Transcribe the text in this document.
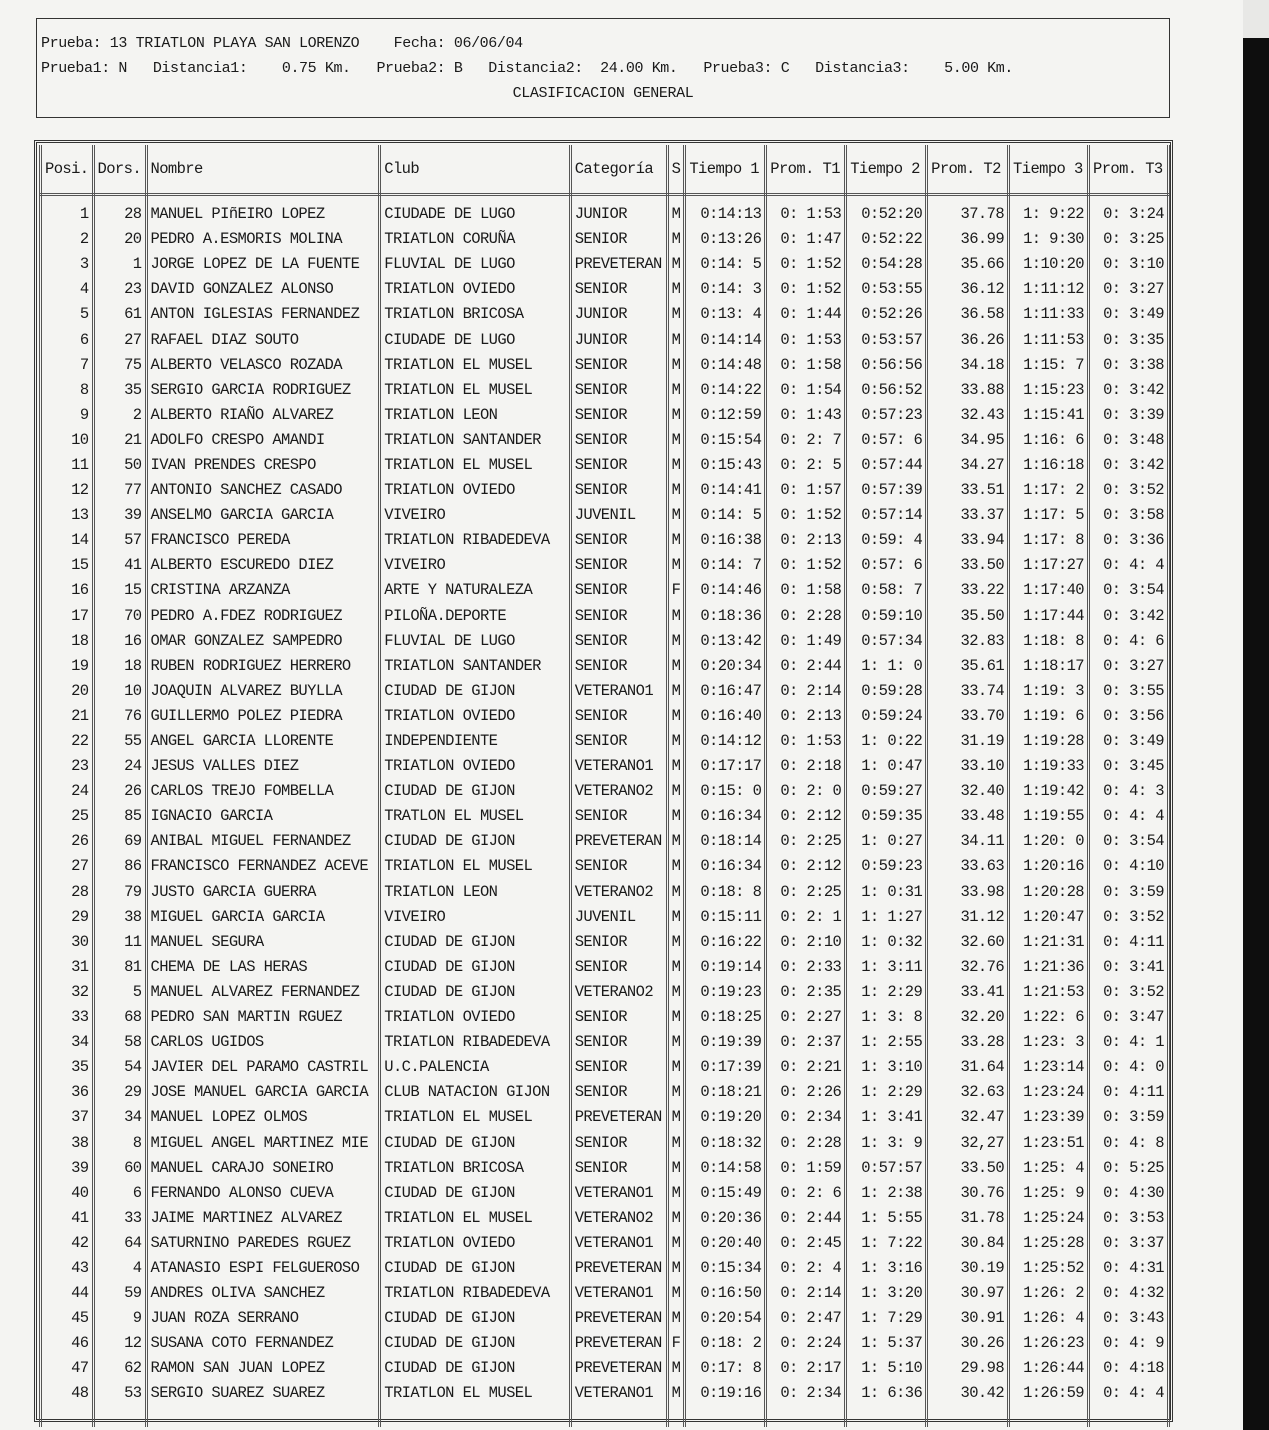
Prueba: 13 TRIATLON PLAYA SAN LORENZO    Fecha: 06/06/04
Prueba1: N   Distancia1:    0.75 Km.   Prueba2: B   Distancia2:  24.00 Km.   Prueba3: C   Distancia3:    5.00 Km.
CLASIFICACION GENERAL
Posi.	Dors.	Nombre	Club	Categoría	S	Tiempo 1	Prom. T1	Tiempo 2	Prom. T2	Tiempo 3	Prom. T3

1	28	MANUEL PIñEIRO LOPEZ	CIUDADE DE LUGO	JUNIOR	M	0:14:13	0: 1:53	0:52:20	37.78	1: 9:22	0: 3:24
2	20	PEDRO A.ESMORIS MOLINA	TRIATLON CORUÑA	SENIOR	M	0:13:26	0: 1:47	0:52:22	36.99	1: 9:30	0: 3:25
3	1	JORGE LOPEZ DE LA FUENTE	FLUVIAL DE LUGO	PREVETERAN	M	0:14: 5	0: 1:52	0:54:28	35.66	1:10:20	0: 3:10
4	23	DAVID GONZALEZ ALONSO	TRIATLON OVIEDO	SENIOR	M	0:14: 3	0: 1:52	0:53:55	36.12	1:11:12	0: 3:27
5	61	ANTON IGLESIAS FERNANDEZ	TRIATLON BRICOSA	JUNIOR	M	0:13: 4	0: 1:44	0:52:26	36.58	1:11:33	0: 3:49
6	27	RAFAEL DIAZ SOUTO	CIUDADE DE LUGO	JUNIOR	M	0:14:14	0: 1:53	0:53:57	36.26	1:11:53	0: 3:35
7	75	ALBERTO VELASCO ROZADA	TRIATLON EL MUSEL	SENIOR	M	0:14:48	0: 1:58	0:56:56	34.18	1:15: 7	0: 3:38
8	35	SERGIO GARCIA RODRIGUEZ	TRIATLON EL MUSEL	SENIOR	M	0:14:22	0: 1:54	0:56:52	33.88	1:15:23	0: 3:42
9	2	ALBERTO RIAÑO ALVAREZ	TRIATLON LEON	SENIOR	M	0:12:59	0: 1:43	0:57:23	32.43	1:15:41	0: 3:39
10	21	ADOLFO CRESPO AMANDI	TRIATLON SANTANDER	SENIOR	M	0:15:54	0: 2: 7	0:57: 6	34.95	1:16: 6	0: 3:48
11	50	IVAN PRENDES CRESPO	TRIATLON EL MUSEL	SENIOR	M	0:15:43	0: 2: 5	0:57:44	34.27	1:16:18	0: 3:42
12	77	ANTONIO SANCHEZ CASADO	TRIATLON OVIEDO	SENIOR	M	0:14:41	0: 1:57	0:57:39	33.51	1:17: 2	0: 3:52
13	39	ANSELMO GARCIA GARCIA	VIVEIRO	JUVENIL	M	0:14: 5	0: 1:52	0:57:14	33.37	1:17: 5	0: 3:58
14	57	FRANCISCO PEREDA	TRIATLON RIBADEDEVA	SENIOR	M	0:16:38	0: 2:13	0:59: 4	33.94	1:17: 8	0: 3:36
15	41	ALBERTO ESCUREDO DIEZ	VIVEIRO	SENIOR	M	0:14: 7	0: 1:52	0:57: 6	33.50	1:17:27	0: 4: 4
16	15	CRISTINA ARZANZA	ARTE Y NATURALEZA	SENIOR	F	0:14:46	0: 1:58	0:58: 7	33.22	1:17:40	0: 3:54
17	70	PEDRO A.FDEZ RODRIGUEZ	PILOÑA.DEPORTE	SENIOR	M	0:18:36	0: 2:28	0:59:10	35.50	1:17:44	0: 3:42
18	16	OMAR GONZALEZ SAMPEDRO	FLUVIAL DE LUGO	SENIOR	M	0:13:42	0: 1:49	0:57:34	32.83	1:18: 8	0: 4: 6
19	18	RUBEN RODRIGUEZ HERRERO	TRIATLON SANTANDER	SENIOR	M	0:20:34	0: 2:44	1: 1: 0	35.61	1:18:17	0: 3:27
20	10	JOAQUIN ALVAREZ BUYLLA	CIUDAD DE GIJON	VETERANO1	M	0:16:47	0: 2:14	0:59:28	33.74	1:19: 3	0: 3:55
21	76	GUILLERMO POLEZ PIEDRA	TRIATLON OVIEDO	SENIOR	M	0:16:40	0: 2:13	0:59:24	33.70	1:19: 6	0: 3:56
22	55	ANGEL GARCIA LLORENTE	INDEPENDIENTE	SENIOR	M	0:14:12	0: 1:53	1: 0:22	31.19	1:19:28	0: 3:49
23	24	JESUS VALLES DIEZ	TRIATLON OVIEDO	VETERANO1	M	0:17:17	0: 2:18	1: 0:47	33.10	1:19:33	0: 3:45
24	26	CARLOS TREJO FOMBELLA	CIUDAD DE GIJON	VETERANO2	M	0:15: 0	0: 2: 0	0:59:27	32.40	1:19:42	0: 4: 3
25	85	IGNACIO GARCIA	TRATLON EL MUSEL	SENIOR	M	0:16:34	0: 2:12	0:59:35	33.48	1:19:55	0: 4: 4
26	69	ANIBAL MIGUEL FERNANDEZ	CIUDAD DE GIJON	PREVETERAN	M	0:18:14	0: 2:25	1: 0:27	34.11	1:20: 0	0: 3:54
27	86	FRANCISCO FERNANDEZ ACEVE	TRIATLON EL MUSEL	SENIOR	M	0:16:34	0: 2:12	0:59:23	33.63	1:20:16	0: 4:10
28	79	JUSTO GARCIA GUERRA	TRIATLON LEON	VETERANO2	M	0:18: 8	0: 2:25	1: 0:31	33.98	1:20:28	0: 3:59
29	38	MIGUEL GARCIA GARCIA	VIVEIRO	JUVENIL	M	0:15:11	0: 2: 1	1: 1:27	31.12	1:20:47	0: 3:52
30	11	MANUEL SEGURA	CIUDAD DE GIJON	SENIOR	M	0:16:22	0: 2:10	1: 0:32	32.60	1:21:31	0: 4:11
31	81	CHEMA DE LAS HERAS	CIUDAD DE GIJON	SENIOR	M	0:19:14	0: 2:33	1: 3:11	32.76	1:21:36	0: 3:41
32	5	MANUEL ALVAREZ FERNANDEZ	CIUDAD DE GIJON	VETERANO2	M	0:19:23	0: 2:35	1: 2:29	33.41	1:21:53	0: 3:52
33	68	PEDRO SAN MARTIN RGUEZ	TRIATLON OVIEDO	SENIOR	M	0:18:25	0: 2:27	1: 3: 8	32.20	1:22: 6	0: 3:47
34	58	CARLOS UGIDOS	TRIATLON RIBADEDEVA	SENIOR	M	0:19:39	0: 2:37	1: 2:55	33.28	1:23: 3	0: 4: 1
35	54	JAVIER DEL PARAMO CASTRIL	U.C.PALENCIA	SENIOR	M	0:17:39	0: 2:21	1: 3:10	31.64	1:23:14	0: 4: 0
36	29	JOSE MANUEL GARCIA GARCIA	CLUB NATACION GIJON	SENIOR	M	0:18:21	0: 2:26	1: 2:29	32.63	1:23:24	0: 4:11
37	34	MANUEL LOPEZ OLMOS	TRIATLON EL MUSEL	PREVETERAN	M	0:19:20	0: 2:34	1: 3:41	32.47	1:23:39	0: 3:59
38	8	MIGUEL ANGEL MARTINEZ MIE	CIUDAD DE GIJON	SENIOR	M	0:18:32	0: 2:28	1: 3: 9	32,27	1:23:51	0: 4: 8
39	60	MANUEL CARAJO SONEIRO	TRIATLON BRICOSA	SENIOR	M	0:14:58	0: 1:59	0:57:57	33.50	1:25: 4	0: 5:25
40	6	FERNANDO ALONSO CUEVA	CIUDAD DE GIJON	VETERANO1	M	0:15:49	0: 2: 6	1: 2:38	30.76	1:25: 9	0: 4:30
41	33	JAIME MARTINEZ ALVAREZ	TRIATLON EL MUSEL	VETERANO2	M	0:20:36	0: 2:44	1: 5:55	31.78	1:25:24	0: 3:53
42	64	SATURNINO PAREDES RGUEZ	TRIATLON OVIEDO	VETERANO1	M	0:20:40	0: 2:45	1: 7:22	30.84	1:25:28	0: 3:37
43	4	ATANASIO ESPI FELGUEROSO	CIUDAD DE GIJON	PREVETERAN	M	0:15:34	0: 2: 4	1: 3:16	30.19	1:25:52	0: 4:31
44	59	ANDRES OLIVA SANCHEZ	TRIATLON RIBADEDEVA	VETERANO1	M	0:16:50	0: 2:14	1: 3:20	30.97	1:26: 2	0: 4:32
45	9	JUAN ROZA SERRANO	CIUDAD DE GIJON	PREVETERAN	M	0:20:54	0: 2:47	1: 7:29	30.91	1:26: 4	0: 3:43
46	12	SUSANA COTO FERNANDEZ	CIUDAD DE GIJON	PREVETERAN	F	0:18: 2	0: 2:24	1: 5:37	30.26	1:26:23	0: 4: 9
47	62	RAMON SAN JUAN LOPEZ	CIUDAD DE GIJON	PREVETERAN	M	0:17: 8	0: 2:17	1: 5:10	29.98	1:26:44	0: 4:18
48	53	SERGIO SUAREZ SUAREZ	TRIATLON EL MUSEL	VETERANO1	M	0:19:16	0: 2:34	1: 6:36	30.42	1:26:59	0: 4: 4
